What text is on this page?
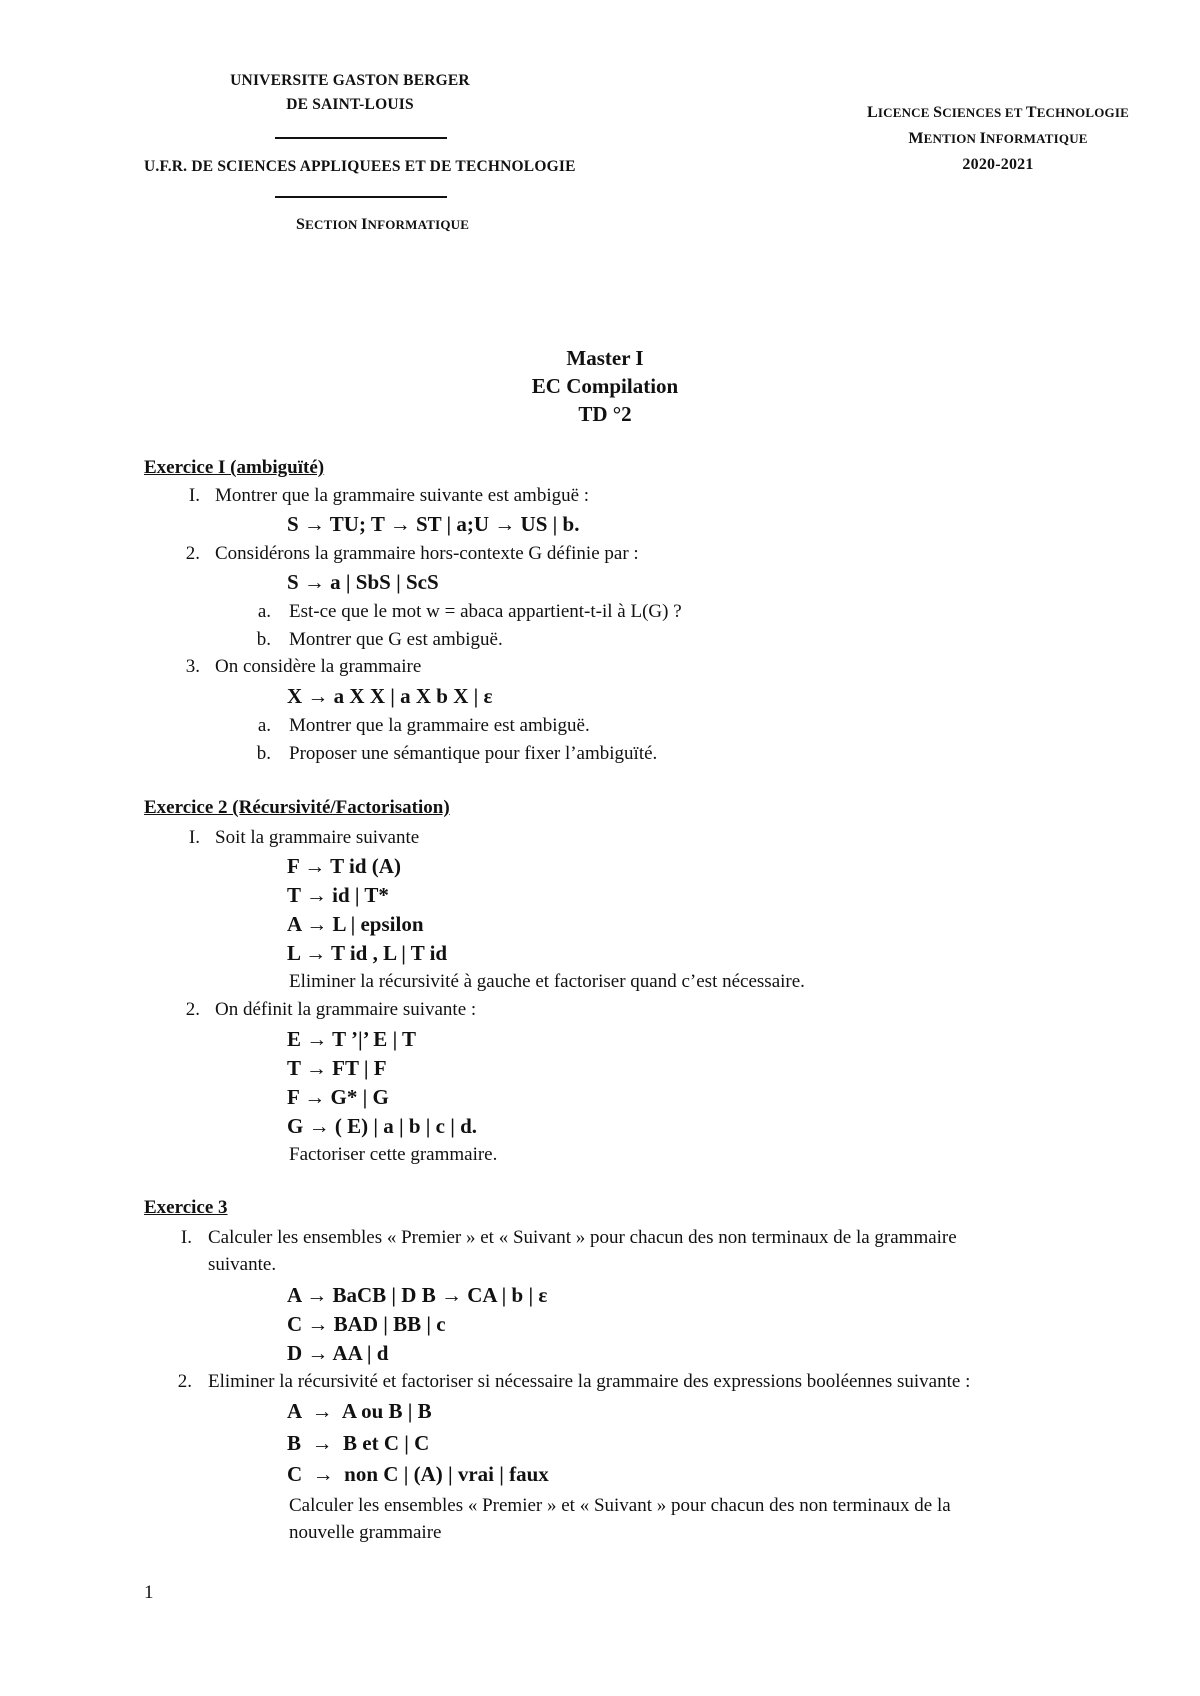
UNIVERSITE GASTON BERGER
DE SAINT-LOUIS
U.F.R. DE SCIENCES APPLIQUEES ET DE TECHNOLOGIE
SECTION INFORMATIQUE
LICENCE SCIENCES ET TECHNOLOGIE
MENTION INFORMATIQUE
2020-2021
Master I
EC Compilation
TD °2
Exercice I (ambiguïté)
I. Montrer que la grammaire suivante est ambiguë :
S → TU; T → ST | a;U → US | b.
2. Considérons la grammaire hors-contexte G définie par :
S → a | SbS | ScS
a. Est-ce que le mot w = abaca appartient-t-il à L(G) ?
b. Montrer que G est ambiguë.
3. On considère la grammaire
X → a X X | a X b X | ε
a. Montrer que la grammaire est ambiguë.
b. Proposer une sémantique pour fixer l’ambiguïté.
Exercice 2 (Récursivité/Factorisation)
I. Soit la grammaire suivante
F → T id (A)
T → id | T*
A → L | epsilon
L → T id , L | T id
Eliminer la récursivité à gauche et factoriser quand c’est nécessaire.
2. On définit la grammaire suivante :
E → T ’|’ E | T
T → FT | F
F → G* | G
G → ( E) | a | b | c | d.
Factoriser cette grammaire.
Exercice 3
I. Calculer les ensembles « Premier » et « Suivant » pour chacun des non terminaux de la grammaire
suivante.
A → BaCB | D B → CA | b | ε
C → BAD | BB | c
D → AA | d
2. Eliminer la récursivité et factoriser si nécessaire la grammaire des expressions booléennes suivante :
A  →  A ou B | B
B  →  B et C | C
C  →  non C | (A) | vrai | faux
Calculer les ensembles « Premier » et « Suivant » pour chacun des non terminaux de la
nouvelle grammaire
1
